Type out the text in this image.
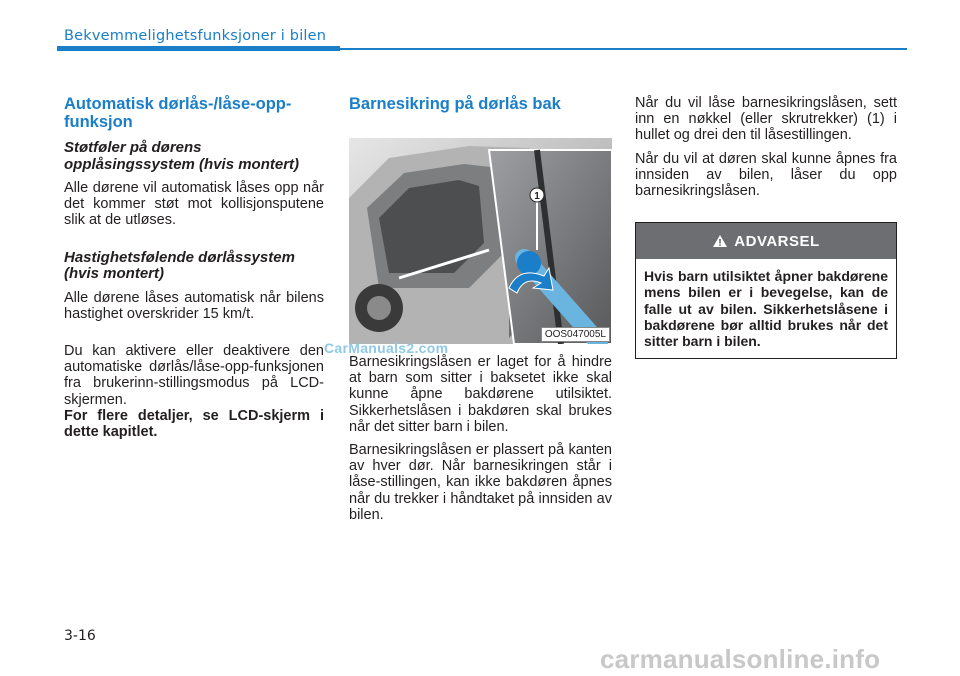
Bekvemmelighetsfunksjoner i bilen
Automatisk dørlås-/låse-opp-funksjon
Støtføler på dørens opplåsingssystem (hvis montert)

Alle dørene vil automatisk låses opp når det kommer støt mot kollisjonsputene slik at de utløses.

Hastighetsfølende dørlåssystem (hvis montert)

Alle dørene låses automatisk når bilens hastighet overskrider 15 km/t.

Du kan aktivere eller deaktivere den automatiske dørlås/låse-opp-funksjonen fra brukerinn-stillingsmodus på LCD-skjermen.

For flere detaljer, se LCD-skjerm i dette kapitlet.

Barnesikring på dørlås bak
1
OOS047005L

Barnesikringslåsen er laget for å hindre at barn som sitter i baksetet ikke skal kunne åpne bakdørene utilsiktet. Sikkerhetslåsen i bakdøren skal brukes når det sitter barn i bilen.

Barnesikringslåsen er plassert på kanten av hver dør. Når barnesikringen står i låse-stillingen, kan ikke bakdøren åpnes når du trekker i håndtaket på innsiden av bilen.

Når du vil låse barnesikringslåsen, sett inn en nøkkel (eller skrutrekker) (1) i hullet og drei den til låsestillingen.

Når du vil at døren skal kunne åpnes fra innsiden av bilen, låser du opp barnesikringslåsen.

ADVARSEL
Hvis barn utilsiktet åpner bakdørene mens bilen er i bevegelse, kan de falle ut av bilen. Sikkerhetslåsene i bakdørene bør alltid brukes når det sitter barn i bilen.
CarManuals2.com
3-16
carmanualsonline.info
